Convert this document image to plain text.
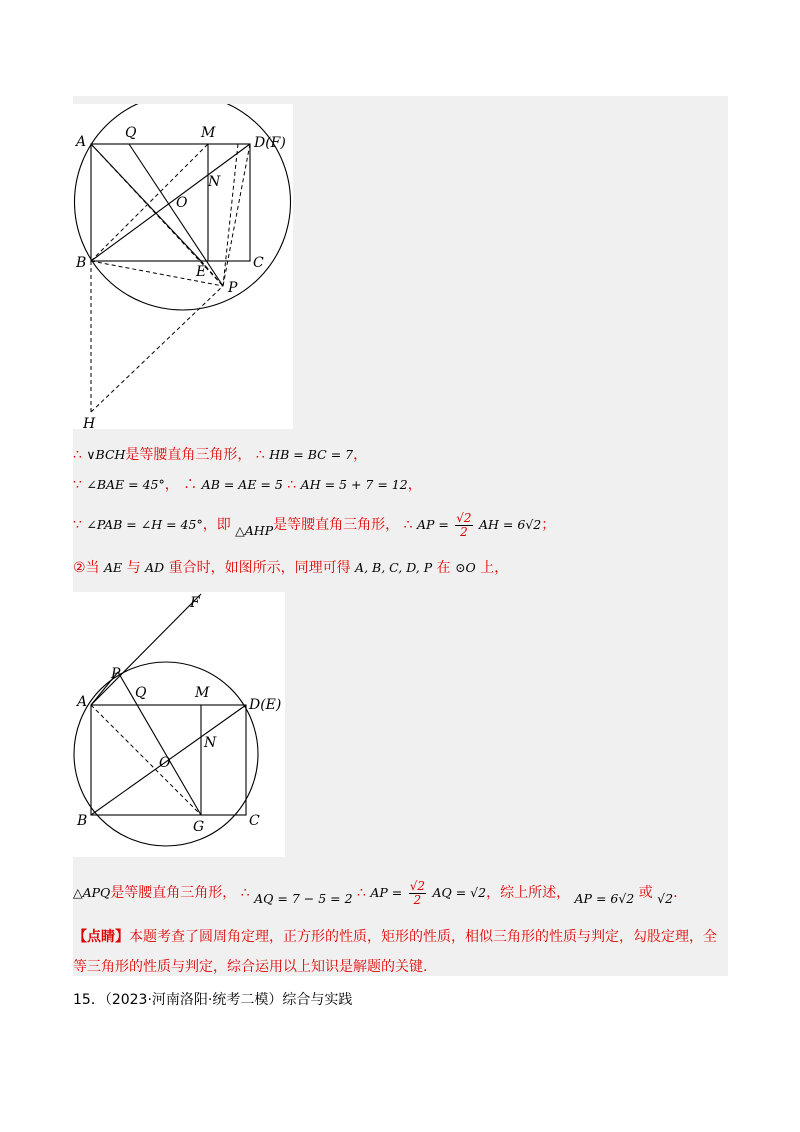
A
Q	M
D(F)
N
O
B
E
C
P
H
∴ ∨BCH是等腰直角三角形， ∴ HB = BC = 7，
∵ ∠BAE = 45°， ∴ AB = AE = 5 ∴ AH = 5 + 7 = 12，
∵ ∠PAB = ∠H = 45°，即 △AHP是等腰直角三角形， ∴ AP = $\frac{√2}{2}$ AH = 6√2；
②当 AE 与 AD 重合时，如图所示，同理可得 A, B, C, D, P 在 ⊙O 上，
F
P
A
Q	M
D(E)
N
O
B	G	C
△APQ是等腰直角三角形， ∴ AQ = 7 − 5 = 2 ∴ AP = $\frac{√2}{2}$ AQ = √2，综上所述， AP = 6√2 或 √2.
【点睛】本题考查了圆周角定理，正方形的性质，矩形的性质，相似三角形的性质与判定，勾股定理，全等三角形的性质与判定，综合运用以上知识是解题的关键.
15．（2023·河南洛阳·统考二模）综合与实践
